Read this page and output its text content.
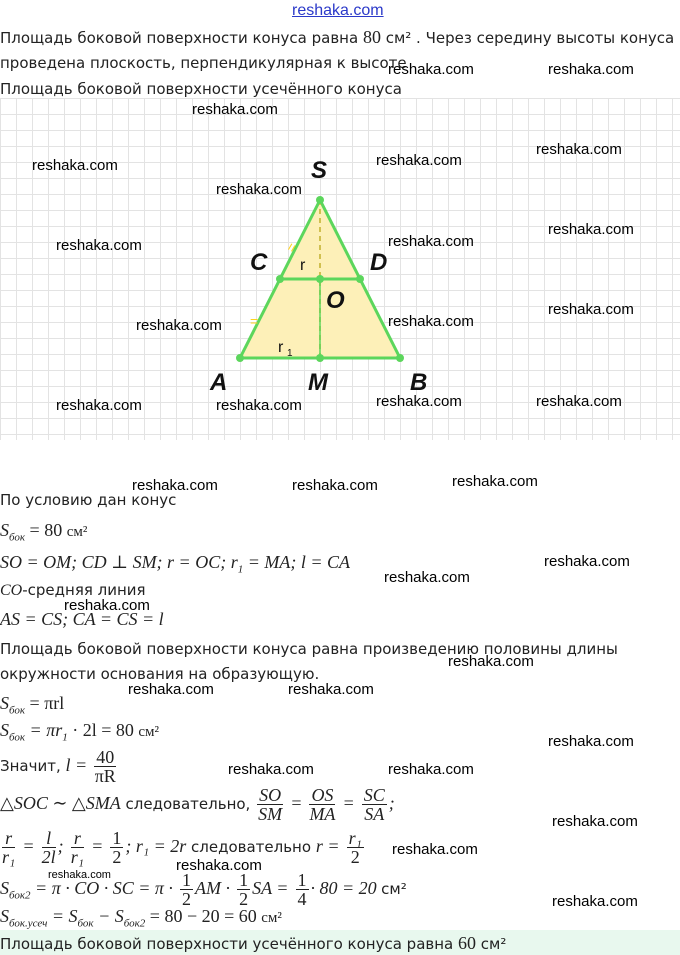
reshaka.com
Площадь боковой поверхности конуса равна 80 см² . Через середину высоты конуса
проведена плоскость, перпендикулярная к высоте
Площадь боковой поверхности усечённого конуса
=
=
S
C	D
O
A	M	B
r
r 1
reshaka.com	reshaka.com
reshaka.com
reshaka.com
reshaka.com	reshaka.com
reshaka.com
reshaka.com
reshaka.com	reshaka.com
reshaka.com
reshaka.com	reshaka.com
reshaka.com	reshaka.com	reshaka.com	reshaka.com
reshaka.com	reshaka.com	reshaka.com
reshaka.com
reshaka.com
reshaka.com
reshaka.com
reshaka.com	reshaka.com
reshaka.com
reshaka.com	reshaka.com
reshaka.com
reshaka.com
reshaka.com
reshaka.com
reshaka.com
По условию дан конус
$S_{бок} = 80$ см²
SO = OM; CD ⊥ SM; r = OC; $r_1$ = MA; l = CA
CO-средняя линия
AS = CS; CA = CS = l
Площадь боковой поверхности конуса равна произведению половины длины
окружности основания на образующую.
$S_{бок} = \pi rl$
$S_{бок} = \pi r_1 \cdot 2l = 80$ см²
Значит, $l = \frac{40}{\pi R}$
△SOC ∼ △SMA следовательно, $\frac{SO}{SM} = \frac{OS}{MA} = \frac{SC}{SA}$ ;
$\frac{r}{\text{r₁}} = \frac{l}{2l}$ ; $\frac{r}{\text{r₁}} = \frac{1}{2}$ ; r₁ = 2r следовательно $r = \frac{\text{r₁}}{2}$
$S_{бок2} = \pi$ · CO · SC = $\pi \cdot \frac{1}{2}$ AM · $\frac{1}{2}$ SA = $\frac{1}{4} \cdot 80 = 20$ см²
$S_{бок.усеч} = S_{бок} - S_{бок2} = 80 - 20 = 60$ см²
Площадь боковой поверхности усечённого конуса равна 60 см²
